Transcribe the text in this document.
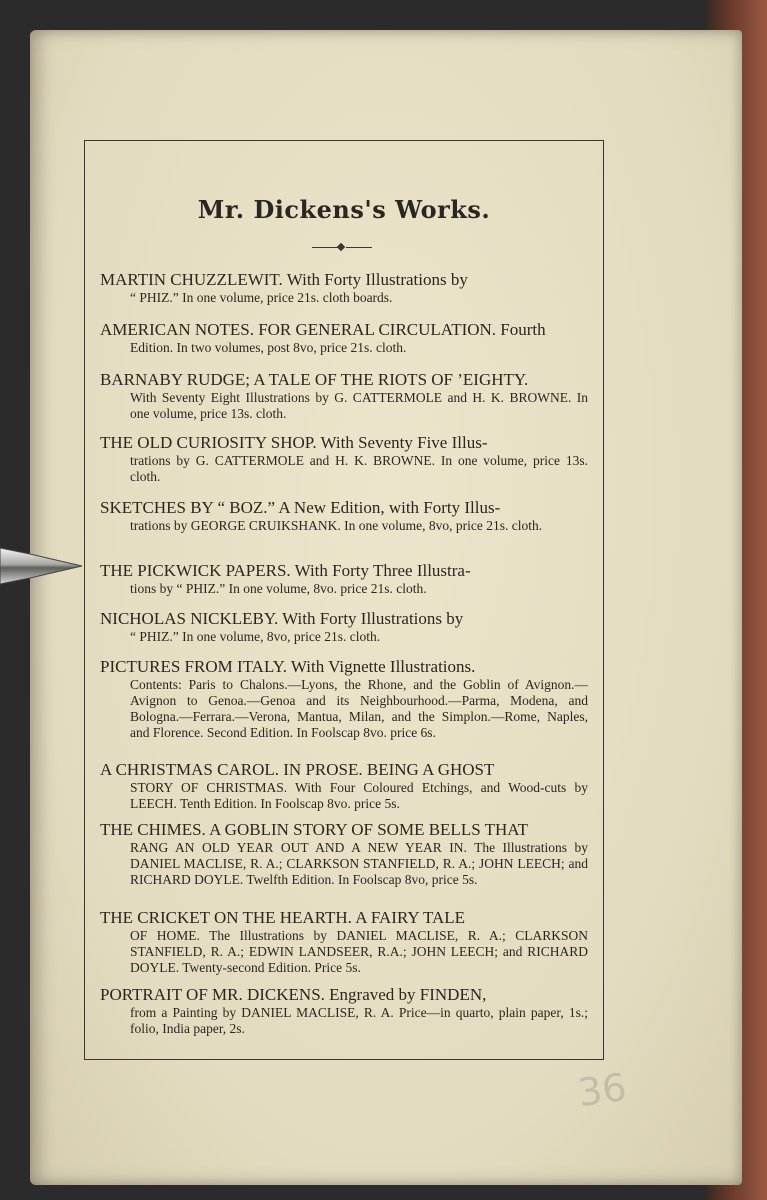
Mr. Dickens's Works.
MARTIN CHUZZLEWIT. With Forty Illustrations by
“ PHIZ.” In one volume, price 21s. cloth boards.
AMERICAN NOTES. FOR GENERAL CIRCULATION. Fourth
Edition. In two volumes, post 8vo, price 21s. cloth.
BARNABY RUDGE; A TALE OF THE RIOTS OF ’EIGHTY.
With Seventy Eight Illustrations by G. CATTERMOLE and H. K. BROWNE. In one volume, price 13s. cloth.
THE OLD CURIOSITY SHOP. With Seventy Five Illus-
trations by G. CATTERMOLE and H. K. BROWNE. In one volume, price 13s. cloth.
SKETCHES BY “ BOZ.” A New Edition, with Forty Illus-
trations by GEORGE CRUIKSHANK. In one volume, 8vo, price 21s. cloth.
THE PICKWICK PAPERS. With Forty Three Illustra-
tions by “ PHIZ.” In one volume, 8vo. price 21s. cloth.
NICHOLAS NICKLEBY. With Forty Illustrations by
“ PHIZ.” In one volume, 8vo, price 21s. cloth.
PICTURES FROM ITALY. With Vignette Illustrations.
Contents: Paris to Chalons.—Lyons, the Rhone, and the Goblin of Avignon.—Avignon to Genoa.—Genoa and its Neighbourhood.—Parma, Modena, and Bologna.—Ferrara.—Verona, Mantua, Milan, and the Simplon.—Rome, Naples, and Florence. Second Edition. In Foolscap 8vo. price 6s.
A CHRISTMAS CAROL. IN PROSE. BEING A GHOST
STORY OF CHRISTMAS. With Four Coloured Etchings, and Wood-cuts by LEECH. Tenth Edition. In Foolscap 8vo. price 5s.
THE CHIMES. A GOBLIN STORY OF SOME BELLS THAT
RANG AN OLD YEAR OUT AND A NEW YEAR IN. The Illustrations by DANIEL MACLISE, R. A.; CLARKSON STANFIELD, R. A.; JOHN LEECH; and RICHARD DOYLE. Twelfth Edition. In Foolscap 8vo, price 5s.
THE CRICKET ON THE HEARTH. A FAIRY TALE
OF HOME. The Illustrations by DANIEL MACLISE, R. A.; CLARKSON STANFIELD, R. A.; EDWIN LANDSEER, R.A.; JOHN LEECH; and RICHARD DOYLE. Twenty-second Edition. Price 5s.
PORTRAIT OF MR. DICKENS. Engraved by FINDEN,
from a Painting by DANIEL MACLISE, R. A. Price—in quarto, plain paper, 1s.; folio, India paper, 2s.
36
